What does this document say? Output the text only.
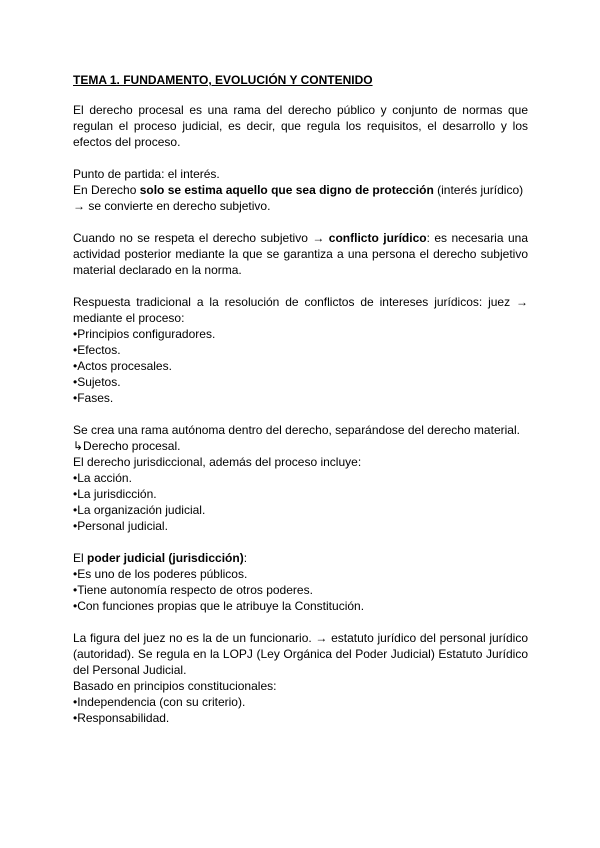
TEMA 1. FUNDAMENTO, EVOLUCIÓN Y CONTENIDO

El derecho procesal es una rama del derecho público y conjunto de normas que regulan el proceso judicial, es decir, que regula los requisitos, el desarrollo y los efectos del proceso.

Punto de partida: el interés.

En Derecho solo se estima aquello que sea digno de protección (interés jurídico)

→ se convierte en derecho subjetivo.

Cuando no se respeta el derecho subjetivo → conflicto jurídico: es necesaria una actividad posterior mediante la que se garantiza a una persona el derecho subjetivo material declarado en la norma.

Respuesta tradicional a la resolución de conflictos de intereses jurídicos: juez → mediante el proceso:

•Principios configuradores.

•Efectos.

•Actos procesales.

•Sujetos.

•Fases.

Se crea una rama autónoma dentro del derecho, separándose del derecho material.

↳Derecho procesal.

El derecho jurisdiccional, además del proceso incluye:

•La acción.

•La jurisdicción.

•La organización judicial.

•Personal judicial.

El poder judicial (jurisdicción):

•Es uno de los poderes públicos.

•Tiene autonomía respecto de otros poderes.

•Con funciones propias que le atribuye la Constitución.

La figura del juez no es la de un funcionario. → estatuto jurídico del personal jurídico (autoridad). Se regula en la LOPJ (Ley Orgánica del Poder Judicial) Estatuto Jurídico del Personal Judicial.

Basado en principios constitucionales:

•Independencia (con su criterio).

•Responsabilidad.
